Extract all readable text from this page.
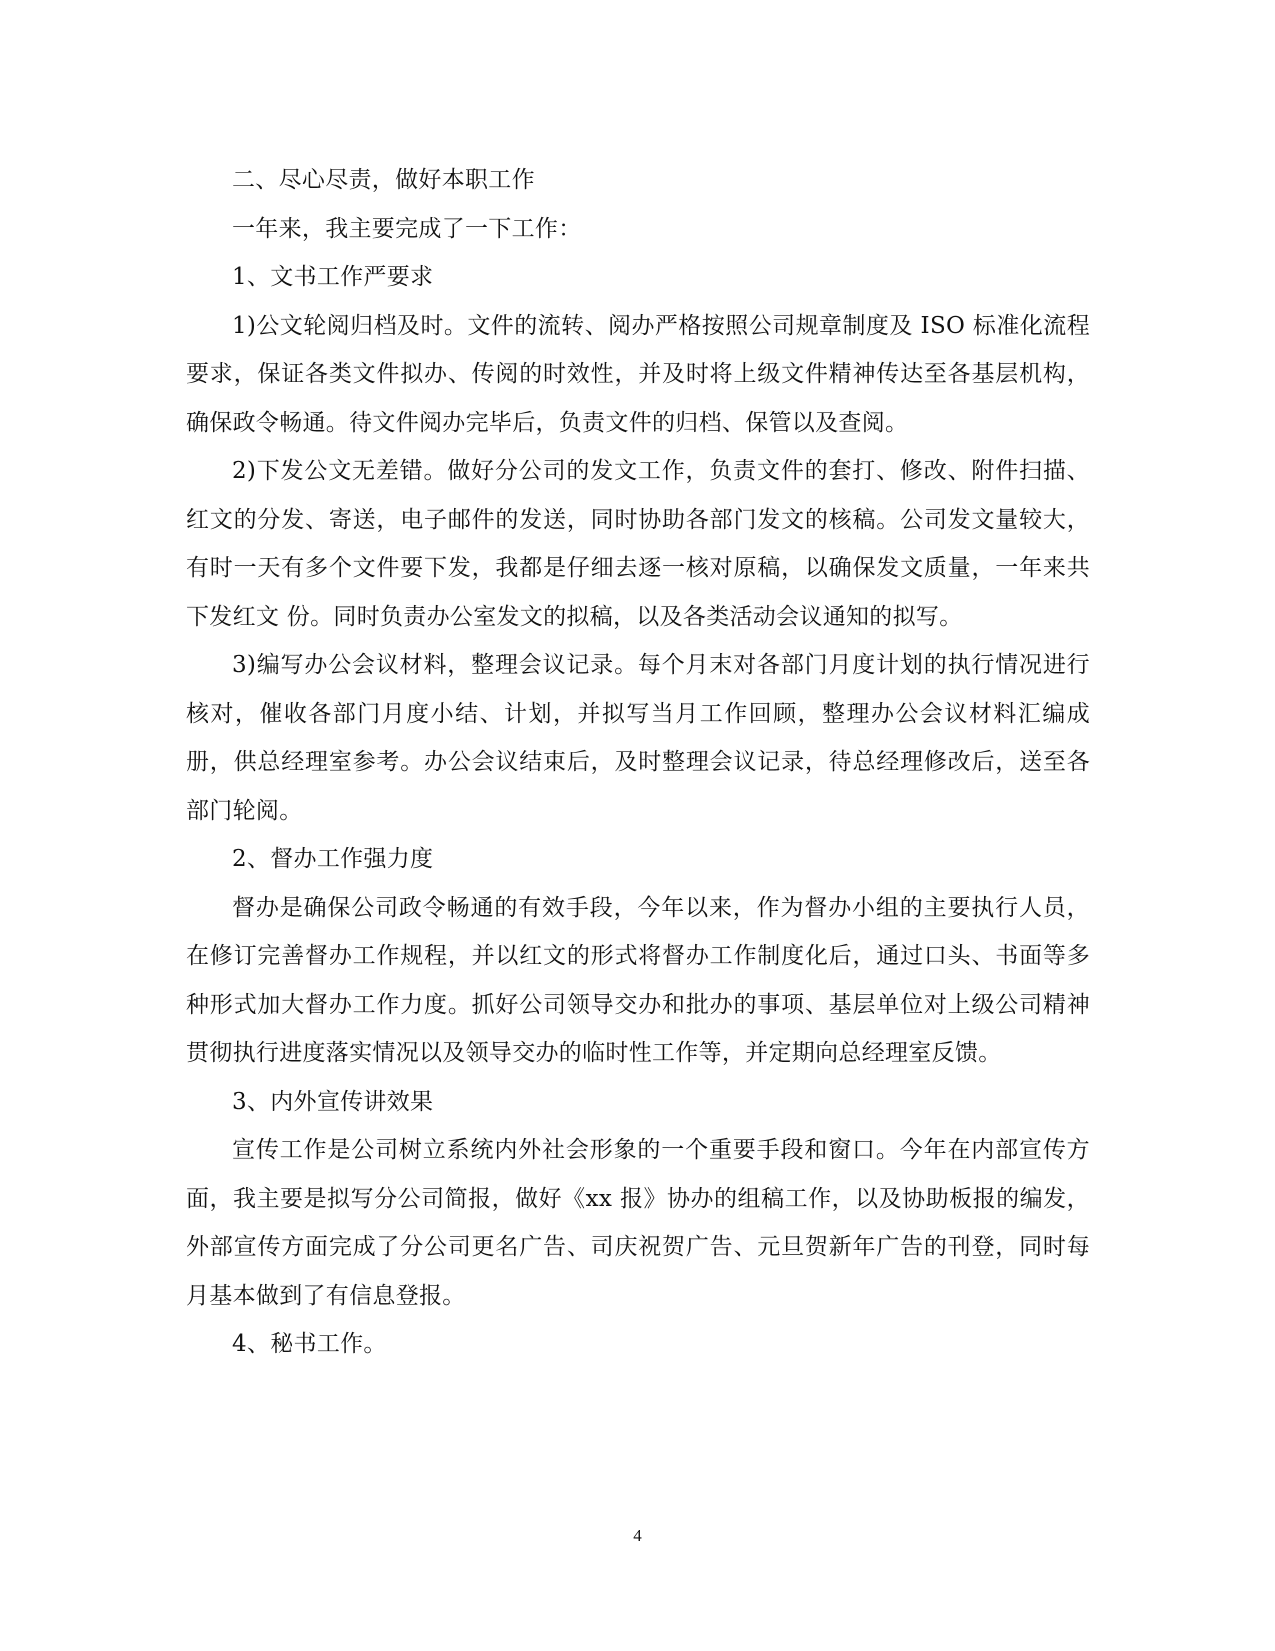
二、尽心尽责，做好本职工作

一年来，我主要完成了一下工作：

1、文书工作严要求

1)公文轮阅归档及时。文件的流转、阅办严格按照公司规章制度及 ISO 标准化流程要求，保证各类文件拟办、传阅的时效性，并及时将上级文件精神传达至各基层机构，确保政令畅通。待文件阅办完毕后，负责文件的归档、保管以及查阅。

2)下发公文无差错。做好分公司的发文工作，负责文件的套打、修改、附件扫描、红文的分发、寄送，电子邮件的发送，同时协助各部门发文的核稿。公司发文量较大，有时一天有多个文件要下发，我都是仔细去逐一核对原稿，以确保发文质量，一年来共下发红文 份。同时负责办公室发文的拟稿，以及各类活动会议通知的拟写。

3)编写办公会议材料，整理会议记录。每个月末对各部门月度计划的执行情况进行核对，催收各部门月度小结、计划，并拟写当月工作回顾，整理办公会议材料汇编成册，供总经理室参考。办公会议结束后，及时整理会议记录，待总经理修改后，送至各部门轮阅。

2、督办工作强力度

督办是确保公司政令畅通的有效手段，今年以来，作为督办小组的主要执行人员，在修订完善督办工作规程，并以红文的形式将督办工作制度化后，通过口头、书面等多种形式加大督办工作力度。抓好公司领导交办和批办的事项、基层单位对上级公司精神贯彻执行进度落实情况以及领导交办的临时性工作等，并定期向总经理室反馈。

3、内外宣传讲效果

宣传工作是公司树立系统内外社会形象的一个重要手段和窗口。今年在内部宣传方面，我主要是拟写分公司简报，做好《xx 报》协办的组稿工作，以及协助板报的编发，外部宣传方面完成了分公司更名广告、司庆祝贺广告、元旦贺新年广告的刊登，同时每月基本做到了有信息登报。

4、秘书工作。

4
